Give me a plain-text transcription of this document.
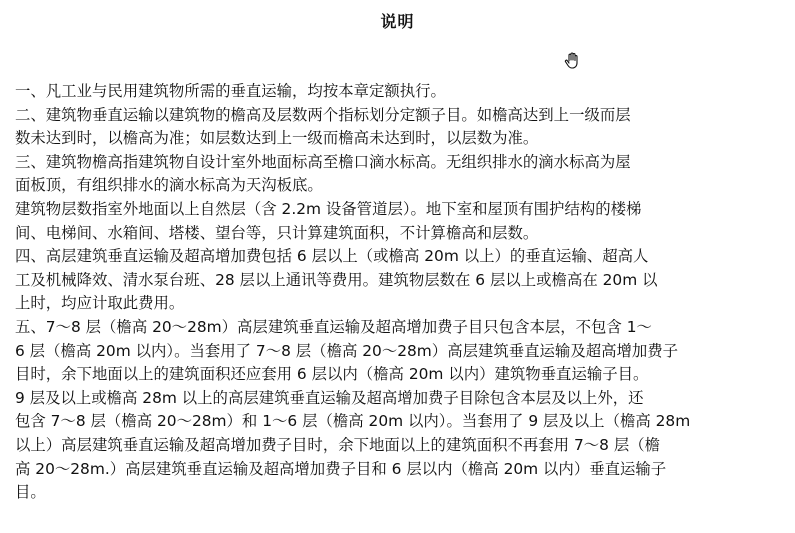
说明
一、凡工业与民用建筑物所需的垂直运输，均按本章定额执行。
二、建筑物垂直运输以建筑物的檐高及层数两个指标划分定额子目。如檐高达到上一级而层
数未达到时，以檐高为准；如层数达到上一级而檐高未达到时，以层数为准。
三、建筑物檐高指建筑物自设计室外地面标高至檐口滴水标高。无组织排水的滴水标高为屋
面板顶，有组织排水的滴水标高为天沟板底。
建筑物层数指室外地面以上自然层（含 2.2m 设备管道层）。地下室和屋顶有围护结构的楼梯
间、电梯间、水箱间、塔楼、望台等，只计算建筑面积，不计算檐高和层数。
四、高层建筑垂直运输及超高增加费包括 6 层以上（或檐高 20m 以上）的垂直运输、超高人
工及机械降效、清水泵台班、28 层以上通讯等费用。建筑物层数在 6 层以上或檐高在 20m 以
上时，均应计取此费用。
五、7～8 层（檐高 20～28m）高层建筑垂直运输及超高增加费子目只包含本层，不包含 1～
6 层（檐高 20m 以内）。当套用了 7～8 层（檐高 20～28m）高层建筑垂直运输及超高增加费子
目时，余下地面以上的建筑面积还应套用 6 层以内（檐高 20m 以内）建筑物垂直运输子目。
9 层及以上或檐高 28m 以上的高层建筑垂直运输及超高增加费子目除包含本层及以上外，还
包含 7～8 层（檐高 20～28m）和 1～6 层（檐高 20m 以内）。当套用了 9 层及以上（檐高 28m
以上）高层建筑垂直运输及超高增加费子目时，余下地面以上的建筑面积不再套用 7～8 层（檐
高 20～28m.）高层建筑垂直运输及超高增加费子目和 6 层以内（檐高 20m 以内）垂直运输子
目。
